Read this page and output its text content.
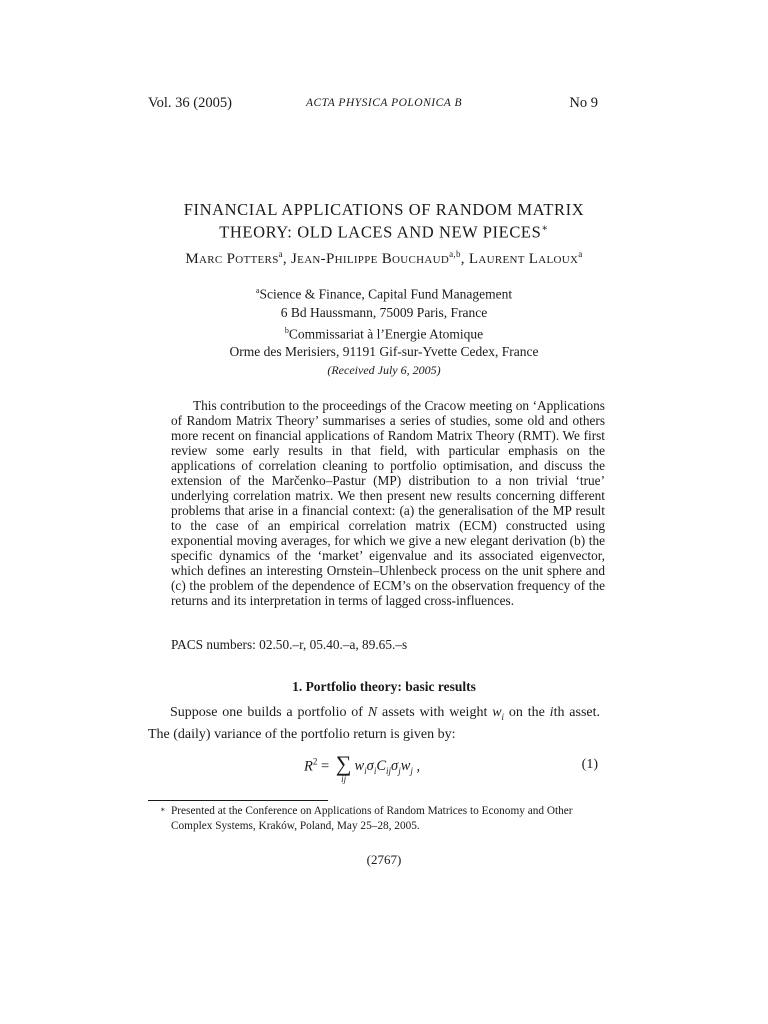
Vol. 36 (2005)	ACTA PHYSICA POLONICA B	No 9
FINANCIAL APPLICATIONS OF RANDOM MATRIX
THEORY: OLD LACES AND NEW PIECES∗
Marc Potters$^a$, Jean-Philippe Bouchaud$^{a,b}$, Laurent Laloux$^a$
$^a$Science & Finance, Capital Fund Management
6 Bd Haussmann, 75009 Paris, France
$^b$Commissariat à l’Energie Atomique
Orme des Merisiers, 91191 Gif-sur-Yvette Cedex, France
(Received July 6, 2005)

This contribution to the proceedings of the Cracow meeting on ‘Applications of Random Matrix Theory’ summarises a series of studies, some old and others more recent on financial applications of Random Matrix Theory (RMT). We first review some early results in that field, with particular emphasis on the applications of correlation cleaning to portfolio optimisation, and discuss the extension of the Marčenko–Pastur (MP) distribution to a non trivial ‘true’ underlying correlation matrix. We then present new results concerning different problems that arise in a financial context: (a) the generalisation of the MP result to the case of an empirical correlation matrix (ECM) constructed using exponential moving averages, for which we give a new elegant derivation (b) the specific dynamics of the ‘market’ eigenvalue and its associated eigenvector, which defines an interesting Ornstein–Uhlenbeck process on the unit sphere and (c) the problem of the dependence of ECM’s on the observation frequency of the returns and its interpretation in terms of lagged cross-influences.

PACS numbers: 02.50.–r, 05.40.–a, 89.65.–s
1. Portfolio theory: basic results

Suppose one builds a portfolio of N assets with weight $w_i$ on the ith asset. The (daily) variance of the portfolio return is given by:

$R^2$ = ∑
ij
$w_i\sigma_iC_{ij}\sigma_jw_j$ ,	(1)
∗ Presented at the Conference on Applications of Random Matrices to Economy and Other Complex Systems, Kraków, Poland, May 25–28, 2005.
(2767)
